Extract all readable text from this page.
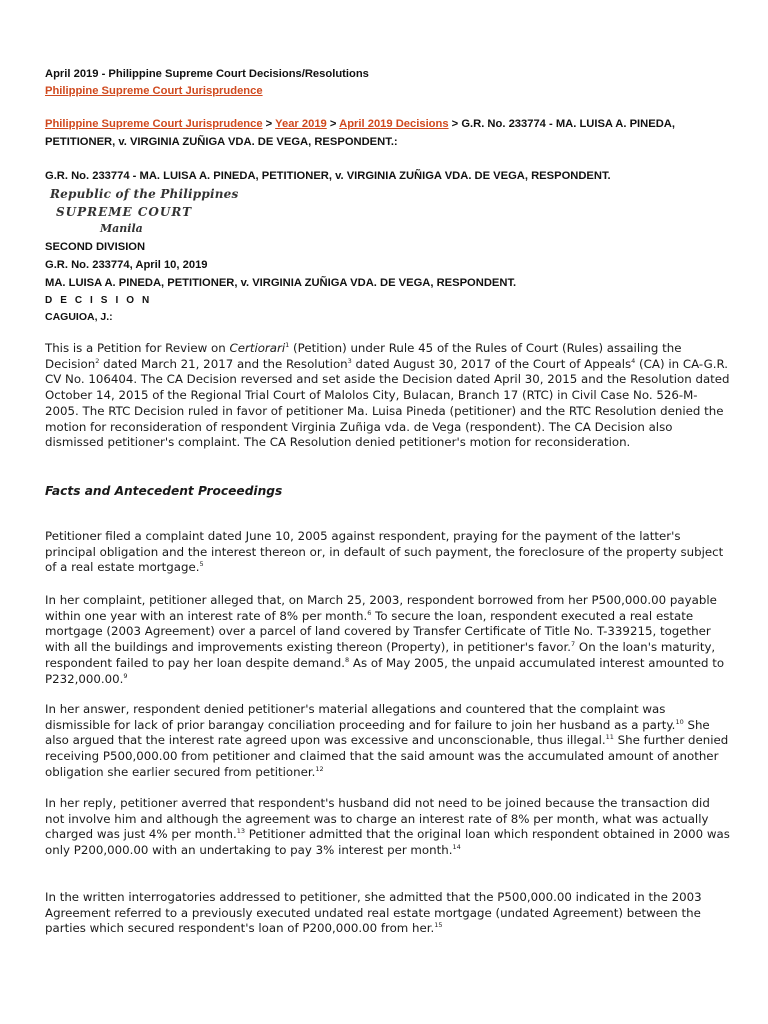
April 2019 - Philippine Supreme Court Decisions/Resolutions
Philippine Supreme Court Jurisprudence
Philippine Supreme Court Jurisprudence > Year 2019 > April 2019 Decisions > G.R. No. 233774 - MA. LUISA A. PINEDA,
PETITIONER, v. VIRGINIA ZUÑIGA VDA. DE VEGA, RESPONDENT.:
G.R. No. 233774 - MA. LUISA A. PINEDA, PETITIONER, v. VIRGINIA ZUÑIGA VDA. DE VEGA, RESPONDENT.
Republic of the Philippines
SUPREME COURT
Manila
SECOND DIVISION
G.R. No. 233774, April 10, 2019
MA. LUISA A. PINEDA, PETITIONER, v. VIRGINIA ZUÑIGA VDA. DE VEGA, RESPONDENT.
D E C I S I O N
CAGUIOA, J.:

This is a Petition for Review on Certiorari$^1$ (Petition) under Rule 45 of the Rules of Court (Rules) assailing the Decision$^2$ dated March 21, 2017 and the Resolution$^3$ dated August 30, 2017 of the Court of Appeals$^4$ (CA) in CA-G.R. CV No. 106404. The CA Decision reversed and set aside the Decision dated April 30, 2015 and the Resolution dated October 14, 2015 of the Regional Trial Court of Malolos City, Bulacan, Branch 17 (RTC) in Civil Case No. 526-M-2005. The RTC Decision ruled in favor of petitioner Ma. Luisa Pineda (petitioner) and the RTC Resolution denied the motion for reconsideration of respondent Virginia Zuñiga vda. de Vega (respondent). The CA Decision also dismissed petitioner's complaint. The CA Resolution denied petitioner's motion for reconsideration.

Facts and Antecedent Proceedings

Petitioner filed a complaint dated June 10, 2005 against respondent, praying for the payment of the latter's principal obligation and the interest thereon or, in default of such payment, the foreclosure of the property subject of a real estate mortgage.$^5$

In her complaint, petitioner alleged that, on March 25, 2003, respondent borrowed from her P500,000.00 payable within one year with an interest rate of 8% per month.$^6$ To secure the loan, respondent executed a real estate mortgage (2003 Agreement) over a parcel of land covered by Transfer Certificate of Title No. T-339215, together with all the buildings and improvements existing thereon (Property), in petitioner's favor.$^7$ On the loan's maturity, respondent failed to pay her loan despite demand.$^8$ As of May 2005, the unpaid accumulated interest amounted to P232,000.00.$^9$

In her answer, respondent denied petitioner's material allegations and countered that the complaint was dismissible for lack of prior barangay conciliation proceeding and for failure to join her husband as a party.$^{10}$ She also argued that the interest rate agreed upon was excessive and unconscionable, thus illegal.$^{11}$ She further denied receiving P500,000.00 from petitioner and claimed that the said amount was the accumulated amount of another obligation she earlier secured from petitioner.$^{12}$

In her reply, petitioner averred that respondent's husband did not need to be joined because the transaction did not involve him and although the agreement was to charge an interest rate of 8% per month, what was actually charged was just 4% per month.$^{13}$ Petitioner admitted that the original loan which respondent obtained in 2000 was only P200,000.00 with an undertaking to pay 3% interest per month.$^{14}$

In the written interrogatories addressed to petitioner, she admitted that the P500,000.00 indicated in the 2003 Agreement referred to a previously executed undated real estate mortgage (undated Agreement) between the parties which secured respondent's loan of P200,000.00 from her.$^{15}$
